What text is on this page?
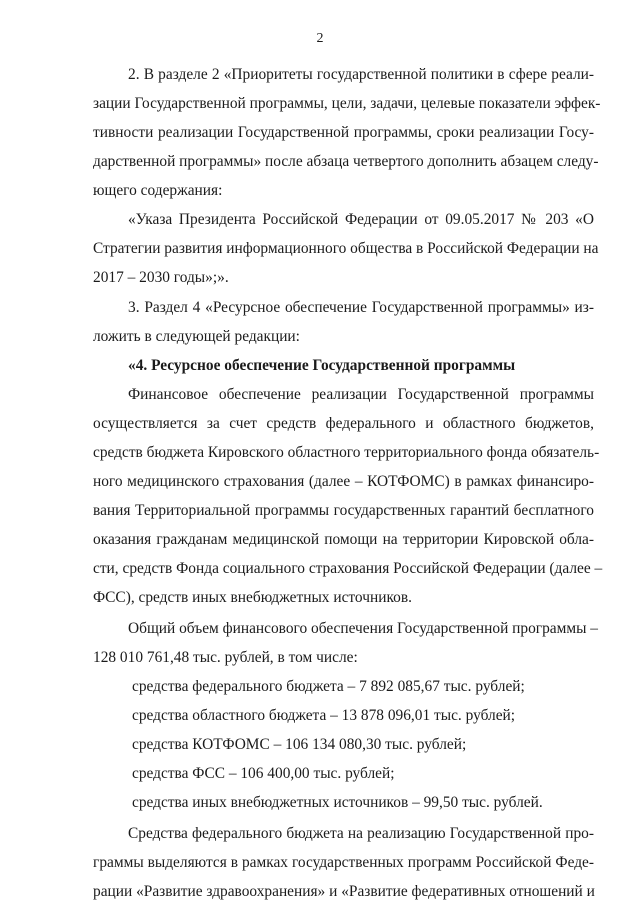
2
2. В разделе 2 «Приоритеты государственной политики в сфере реали-
зации Государственной программы, цели, задачи, целевые показатели эффек-
тивности реализации Государственной программы, сроки реализации Госу-
дарственной программы» после абзаца четвертого дополнить абзацем следу-
ющего содержания:
«Указа Президента Российской Федерации от 09.05.2017 № 203 «О
Стратегии развития информационного общества в Российской Федерации на
2017 – 2030 годы»;».
3. Раздел 4 «Ресурсное обеспечение Государственной программы» из-
ложить в следующей редакции:
«4. Ресурсное обеспечение Государственной программы
Финансовое обеспечение реализации Государственной программы
осуществляется за счет средств федерального и областного бюджетов,
средств бюджета Кировского областного территориального фонда обязатель-
ного медицинского страхования (далее – КОТФОМС) в рамках финансиро-
вания Территориальной программы государственных гарантий бесплатного
оказания гражданам медицинской помощи на территории Кировской обла-
сти, средств Фонда социального страхования Российской Федерации (далее –
ФСС), средств иных внебюджетных источников.
Общий объем финансового обеспечения Государственной программы –
128 010 761,48 тыс. рублей, в том числе:
средства федерального бюджета – 7 892 085,67 тыс. рублей;
средства областного бюджета – 13 878 096,01 тыс. рублей;
средства КОТФОМС – 106 134 080,30 тыс. рублей;
средства ФСС – 106 400,00 тыс. рублей;
средства иных внебюджетных источников – 99,50 тыс. рублей.
Средства федерального бюджета на реализацию Государственной про-
граммы выделяются в рамках государственных программ Российской Феде-
рации «Развитие здравоохранения» и «Развитие федеративных отношений и
